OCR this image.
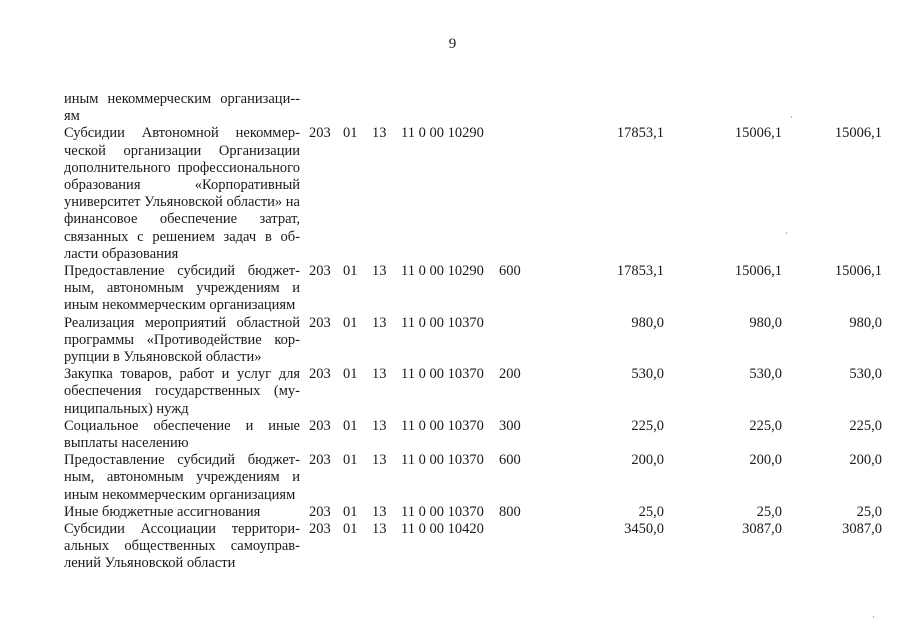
9
иным некоммерческим организаци-ям
Субсидии Автономной некоммерческой организации Организации дополнительного профессионального образования «Корпоративный университет Ульяновской области» на финансовое обеспечение затрат, связанных с решением задач в области образования
203 01 13 11 0 00 10290	17853,1	15006,1	15006,1
Предоставление субсидий бюджетным, автономным учреждениям и иным некоммерческим организациям
203 01 13 11 0 00 10290 600	17853,1	15006,1	15006,1
Реализация мероприятий областной программы «Противодействие коррупции в Ульяновской области»
203 01 13 11 0 00 10370	980,0	980,0	980,0
Закупка товаров, работ и услуг для обеспечения государственных (муниципальных) нужд
203 01 13 11 0 00 10370 200	530,0	530,0	530,0
Социальное обеспечение и иные выплаты населению
203 01 13 11 0 00 10370 300	225,0	225,0	225,0
Предоставление субсидий бюджетным, автономным учреждениям и иным некоммерческим организациям
203 01 13 11 0 00 10370 600	200,0	200,0	200,0
Иные бюджетные ассигнования	203 01 13 11 0 00 10370 800	25,0	25,0	25,0
Субсидии Ассоциации территориальных общественных самоуправлений Ульяновской области
203 01 13 11 0 00 10420	3450,0	3087,0	3087,0
·
·
·
